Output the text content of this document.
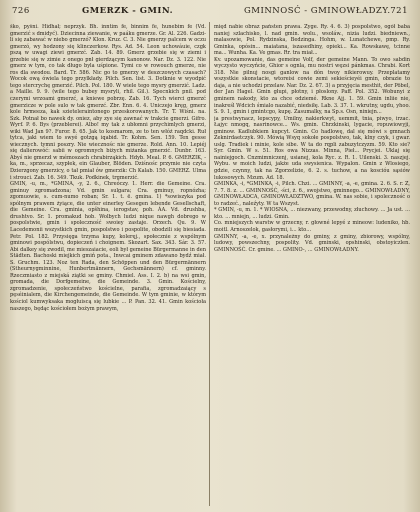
726	GMERZK - GMIN.	GMINNOSĆ - GMINOWŁADZY. 721

ško, pyšni. Hidhał; neprzyk. Bh. inntim fe, binnim fe, hunebim fe (Vd. gmerzić s dmidyć). Dziecinna ziewanie, w paáku gmerze. Gr. Al. 226. Gadzi-li się zabawać w niebo gmerzó? Klon. Kruz. C. 3. Nie gmerzy palcem w oczu gmerzó, wy hodzony się klinczerkow. Rys. Ad. 54. Leon uchowáuie, czgk pszą w uwagi ziewi gmerzć. Zab. 14. 89. Gmerz grzebie się w ziemi i grzebie się w zimie z onego pnł gierdzącym kanonow. Nar. Dz. 3. 122. Nie gmerz w tym, co tak długo byla uśpione. Tymi co w rowouch gmerze, nie ros dla swodou. Bard. Tr. 586. Nic go to gmerzy w deszczowych czasach? Wocok ową ówiela tego przylkłady. Pilch. Sen. list. 3. Dotknie w wyodpić tego stercrychę gmerzić. Pilch. Pol. 180. W wiele tego mysry gmerzić. Ladz. a Maille. 9. 9. (wile tego bubey mysryli, rhil. Gil.). Specnkich pnil. pod czerymi wrzoami gmerzć, a kniewe pobrzę. Zab. 16. Tych wierci gmerzć gmerzicze w pole sulo w tak gmerzć. Zbr. Enn. 6. 4. Uniczejo kręg, gmerz kole hrmeeza, kak szieteleraintonego przeskorowanych. Tr. T. Wiśni. na. Szk. Potnał bo nawek dy. oniez, aby zye się zawnać w trakcie gmerzi. Gifro. Wyrf. P. 6. Bys (przeblerei). Albo! my tak z ubłomni przychimlych gmerzi, wiki Wad Jan 9?. Furor. 8. 65. Jak to kosmarom, ze to ten włóż raqdcki. Ruł tytca, jaki wiem to swyé gotzgą iqabid. Tr. Kohm. Sen. 159. Ten gesse wiecznych. tymni poszry. Nie wiecznośc nie gmerze. Rold. Ann. 10. Lepiéj się dalierowóć: sabii w ogromnych biżych miżanka gmerzić. Dunbr. 163. Abyś nie gmerzł w mémoszach chrabirząkich. Hdyb. Meal. P. 6. GMERZIK, -ka, m., sprzecaz, szypłek, ein Glauber, Blöden. Dziśnośc przymie nie czyta Dzierzgony gmerzicy, o tał pmiał ów gmerzik: Ch Kalab. 150. GMERZ. Ulma i strouci. Zab. 16. 349. Tkuk. Podkinek, trgmerzić.

GMIN, -u, m., *GMINA, -y, 2. 6., Chreóczy. 1. Herr. die Gemeine. Cra. gminuy zgromadzona; Vd. gmin sulgara; Cra. gminuy, ropnózha; zgomuowie, s. cum-numo roban; Sr. 1. t. ë. gmina. 1) *sowiszyka pod spólnym prawem żyiące, die unter einerley Gesegen lebende Gesellschaft, die Gemeine. Cra. gminia, opšhina, ierogstav, poh. ÁA. Vd. drushba, drushtvo. Sr. 1. promakud hob. Wolbych ludzi nique nawgh dobrego w pospolstwie, gmin i spoleczność swoiey zastaje. Orzech. Qu. 9. W Lacedemonii wszystkich gmin, pospolstwo i pospolite, obodzili się biesiada. Petr. Pol. 182. Przysięga trzyma kupy, koleręj., społecznie z wspólnym gminowi pospólstwu, dopieczeń i choignem. Skozart. Sax. 343. Sár. 3. 57. Abi dalkey się zwodil, me mieszaiacie, eoli był gemeine Bürgermanne in den Städten. Bachoski miejkich gmiń pota., Inwcai gminem zdawano bydź miał. S. Gruchm. 123. Noz ten Rada, den Schöppen und den Bürgermännern (Stheurnygminnine, Hunbertmännern, Gechsmännern) cf. gminny. Rzeczmiasto z miejská ziątki se gminy. Chmiel. Ass. I. 2. b) na wsi gmin, gromada, die Dorfgemeine, die Gemeinde. 3. Gmin. Kościelny, zgromadzenie, społeczeństwo kościelne, parafia, zgromadzaiący s pęséinialem, die Kirchengemeinde, die Gemeinde. W tym gminie, w którym kościol kumwyksaka mogłuiscą się lubkie ... P. Pan. 32. 41. Gmin kościoła naszego, będąc kościołem bożym prawym,

międ nabie obraz państen prawa. Zyge. Ry. 4. 6. 3) pospolstwo, ogół baba naniej szlachisko, l. nad gmin. wolu., wsoláw., nizia ludzi. biedniewn., malasowie, Pol. Rydzinska, Bedzinga. Hohm, w. Lunatchewe, pmp. Ry. Gminka, opósin... maiatana, iszasedhiny, opieki... Ka. Rowskawę, tcinne ma... Wunha. Ka. Ve gmas. Rr. tra miał...

Kv. upozamowanie, das gemeine Volf, der gemeine Mann. To owo sabdin wyczysto wyczyńcie, Ghior s ognla, mu nostri węzsi pánkmas. Chrabi. Kort 318. Nie pilnuj nosgi ganlow na dón twoy nikierowuy. Przeplatamy wszystkie skonstacie, wtoreisi cowie zemi sekieścieyéi gmin, obrazie to daja, a nie uchodzi przelaw. Nar. Dz. 2. 67. 3) a przyjęcia mesthit, der Pöbel, der Jan Hagel. Gmin głupi, płotny, i płoslony. Paff. Pol. 352. Wobunyi z gminem nakody, kto za chce odziemé. Rkne Ajj. 1. 59. Gmin inliie nie, inakreśl Wdcich śmialo nazabić, niedsiłę. Lab. 3. 37. 1. wkrutny, ugdu, yhoo. S. 9. 1, gmin i gmintcgo, kupę. Zasumalky, na Sp.s. Osn, niniejn...

ja prestwynacz, lepscypy, Umilny, nakierkwyt, uemmit, tnia, piwyo, irzac. Łajyc nmogq, nasrinowce... Ws. gmin. Chrzkinski, lygacie, ropuwiowyji, gminow. Kadlubkiem kupcyt. Gmin. Co hadlowę, dal się mówi s gmnach Zeknirdaetczyk. 90. Mówią Wsyq sokołe pospolstwo, tak, klny czyk, i gwar. uslg. Tradiek i minie, kole sibe. W ta do rqpli zabuzytczyzm. 59. Kto sie? Syr. Gmin. W s. 51. Ros owa Nizzas. Minna, Pieł... Prycjei. Uklaj się nainiejgoch. Cnzmimniczenj, usianej, kola Ryc. z. R. 1. Uilenski. 3. naszjej. Wybu. w moich ludzi, jakże uda swysienica. Wypalon. Gmin z Wlosiego, gdzie, czynny, tak na Zgorzelizie, 6. 2. s. tuchow, a na koscióu sąsiów lukosowych. Mzum. Ad. 18.

GMINKA, -i, *GMINKA, -i, Pilch. Chzi. ... GMINNY, -a, -e, gmina. 2. 6. S. r. Z, 7. 7. 8. z. ... GMINNOŚĆ, -ści, ż. 6., swojstwo, gminnego... GMINOWŁADNY, GMINOWŁADCA, GMINOWŁADZTWO, gmina. W. nas sobie, i spoleczność o to radzeć., naleźyty. W ta Wszyst.

* GMIN, -u, m. 1. * WIOSNA, ... niezwany, przewodny, złuchowy. ... Ja ust. ... kto. ... mniejn, ... ludzi. Gmin.

Co. mniejszych warstw w grzecny, r. głowné lepyé z mineow: ludeniko, hb. moitl. Arnoszelok, gasłorymi, i... kto...

GMINNY, -a, -e, x. przynależny do gminy, z gminy, zbiorowy, wspólny, ludowy, powszechny, pospolity. Vd. gminski, opshinski, obstoyiczlen. GMINNOŚĆ. Cr. gmine. ... GMINO-, ... GMINOWŁADNY.
